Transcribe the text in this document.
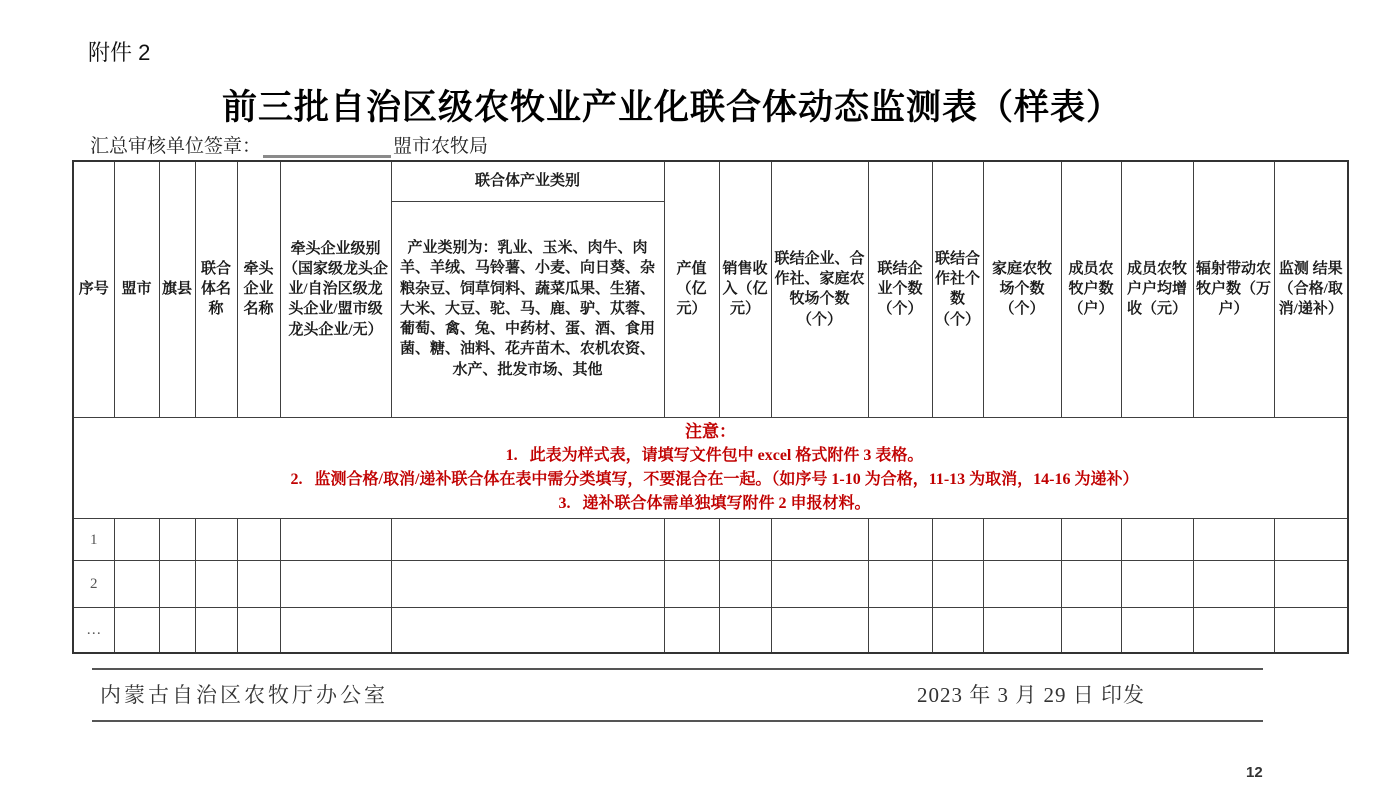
附件 2
前三批自治区级农牧业产业化联合体动态监测表（样表）
汇总审核单位签章：	盟市农牧局
序号	盟市	旗县	联合体名称	牵头企业名称	牵头企业级别（国家级龙头企业/自治区级龙头企业/盟市级龙头企业/无）	联合体产业类别	产值（亿元）	销售收入（亿元）	联结企业、合作社、家庭农牧场个数（个）	联结企业个数（个）	联结合作社个数（个）	家庭农牧场个数（个）	成员农牧户数（户）	成员农牧户户均增收（元）	辐射带动农牧户数（万户）	监测 结果（合格/取消/递补）
						产业类别为：乳业、玉米、肉牛、肉羊、羊绒、马铃薯、小麦、向日葵、杂粮杂豆、饲草饲料、蔬菜瓜果、生猪、大米、大豆、驼、马、鹿、驴、苁蓉、葡萄、禽、兔、中药材、蛋、酒、食用菌、糖、油料、花卉苗木、农机农资、水产、批发市场、其他										

注意：
1. 此表为样式表，请填写文件包中 excel 格式附件 3 表格。
2. 监测合格/取消/递补联合体在表中需分类填写，不要混合在一起。（如序号 1-10 为合格，11-13 为取消，14-16 为递补）
3. 递补联合体需单独填写附件 2 申报材料。																

1																
2																
…																
内蒙古自治区农牧厅办公室	2023 年 3 月 29 日 印发
12
